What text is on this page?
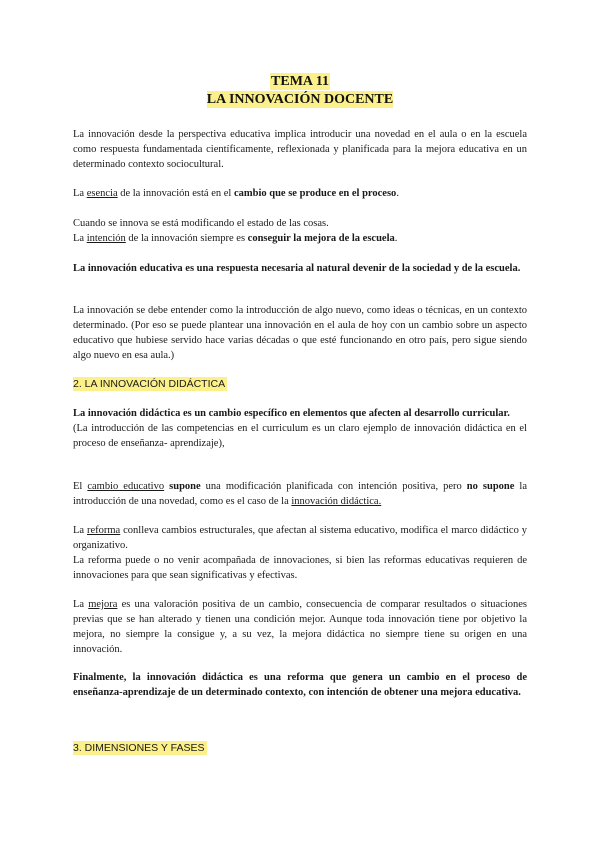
TEMA 11
LA INNOVACIÓN DOCENTE

La innovación desde la perspectiva educativa implica introducir una novedad en el aula o en la escuela como respuesta fundamentada científicamente, reflexionada y planificada para la mejora educativa en un determinado contexto sociocultural.

La esencia de la innovación está en el cambio que se produce en el proceso.

Cuando se innova se está modificando el estado de las cosas.
La intención de la innovación siempre es conseguir la mejora de la escuela.

La innovación educativa es una respuesta necesaria al natural devenir de la sociedad y de la escuela.

La innovación se debe entender como la introducción de algo nuevo, como ideas o técnicas, en un contexto determinado. (Por eso se puede plantear una innovación en el aula de hoy con un cambio sobre un aspecto educativo que hubiese servido hace varias décadas o que esté funcionando en otro país, pero sigue siendo algo nuevo en esa aula.)

2. LA INNOVACIÓN DIDÁCTICA

La innovación didáctica es un cambio específico en elementos que afecten al desarrollo curricular.
(La introducción de las competencias en el curriculum es un claro ejemplo de innovación didáctica en el proceso de enseñanza- aprendizaje),

El cambio educativo supone una modificación planificada con intención positiva, pero no supone la introducción de una novedad, como es el caso de la innovación didáctica.

La reforma conlleva cambios estructurales, que afectan al sistema educativo, modifica el marco didáctico y organizativo.
La reforma puede o no venir acompañada de innovaciones, si bien las reformas educativas requieren de innovaciones para que sean significativas y efectivas.

La mejora es una valoración positiva de un cambio, consecuencia de comparar resultados o situaciones previas que se han alterado y tienen una condición mejor. Aunque toda innovación tiene por objetivo la mejora, no siempre la consigue y, a su vez, la mejora didáctica no siempre tiene su origen en una innovación.

Finalmente, la innovación didáctica es una reforma que genera un cambio en el proceso de enseñanza-aprendizaje de un determinado contexto, con intención de obtener una mejora educativa.

3. DIMENSIONES Y FASES
